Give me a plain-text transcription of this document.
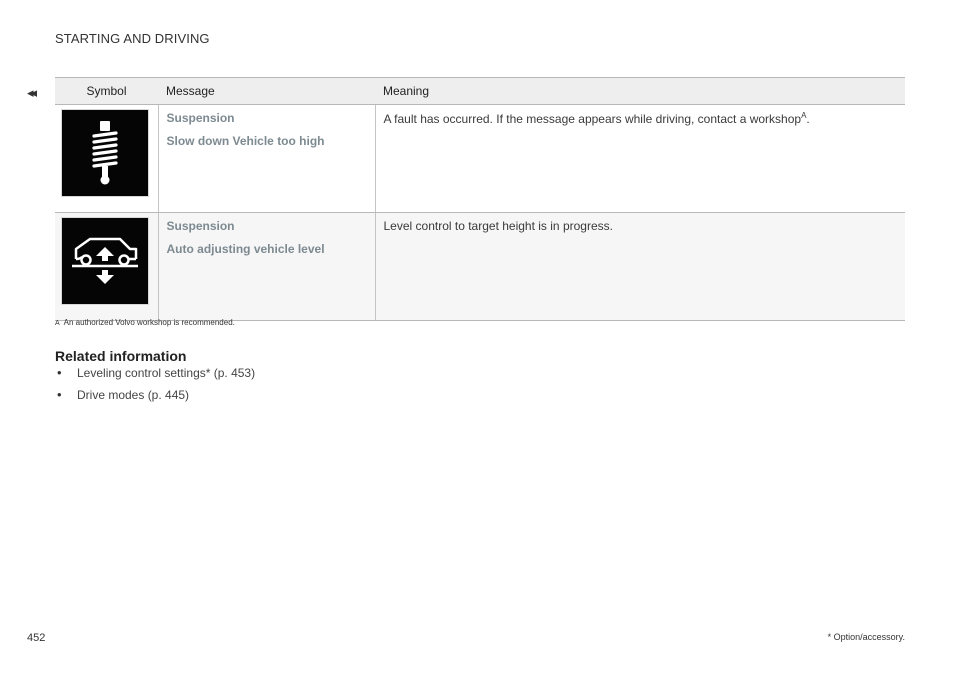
◂◂
STARTING AND DRIVING
Symbol	Message	Meaning

Suspension
Slow down Vehicle too high	A fault has occurred. If the message appears while driving, contact a workshop$^A$.

Suspension
Auto adjusting vehicle level	Level control to target height is in progress.
A An authorized Volvo workshop is recommended.
Related information
• Leveling control settings* (p. 453)
• Drive modes (p. 445)
452	* Option/accessory.
